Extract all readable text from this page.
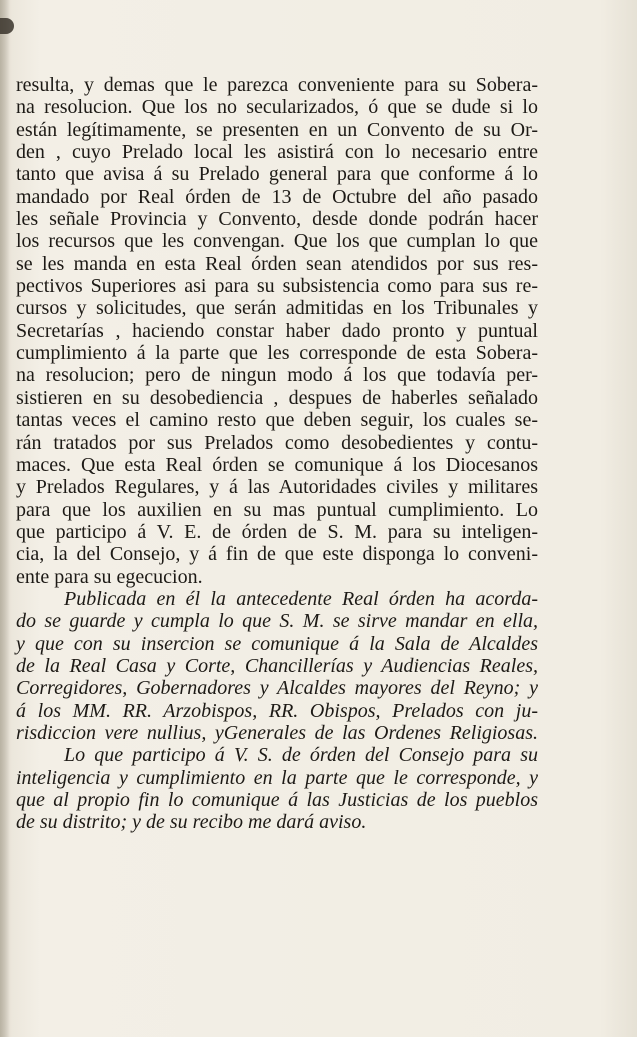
resulta, y demas que le parezca conveniente para su Sobera-
na resolucion. Que los no secularizados, ó que se dude si lo
están legítimamente, se presenten en un Convento de su Or-
den , cuyo Prelado local les asistirá con lo necesario entre
tanto que avisa á su Prelado general para que conforme á lo
mandado por Real órden de 13 de Octubre del año pasado
les señale Provincia y Convento, desde donde podrán hacer
los recursos que les convengan. Que los que cumplan lo que
se les manda en esta Real órden sean atendidos por sus res-
pectivos Superiores asi para su subsistencia como para sus re-
cursos y solicitudes, que serán admitidas en los Tribunales y
Secretarías , haciendo constar haber dado pronto y puntual
cumplimiento á la parte que les corresponde de esta Sobera-
na resolucion; pero de ningun modo á los que todavía per-
sistieren en su desobediencia , despues de haberles señalado
tantas veces el camino resto que deben seguir, los cuales se-
rán tratados por sus Prelados como desobedientes y contu-
maces. Que esta Real órden se comunique á los Diocesanos
y Prelados Regulares, y á las Autoridades civiles y militares
para que los auxilien en su mas puntual cumplimiento. Lo
que participo á V. E. de órden de S. M. para su inteligen-
cia, la del Consejo, y á fin de que este disponga lo conveni-
ente para su egecucion.
Publicada en él la antecedente Real órden ha acorda-
do se guarde y cumpla lo que S. M. se sirve mandar en ella,
y que con su insercion se comunique á la Sala de Alcaldes
de la Real Casa y Corte, Chancillerías y Audiencias Reales,
Corregidores, Gobernadores y Alcaldes mayores del Reyno; y
á los MM. RR. Arzobispos, RR. Obispos, Prelados con ju-
risdiccion vere nullius, yGenerales de las Ordenes Religiosas.
Lo que participo á V. S. de órden del Consejo para su
inteligencia y cumplimiento en la parte que le corresponde, y
que al propio fin lo comunique á las Justicias de los pueblos
de su distrito; y de su recibo me dará aviso.
